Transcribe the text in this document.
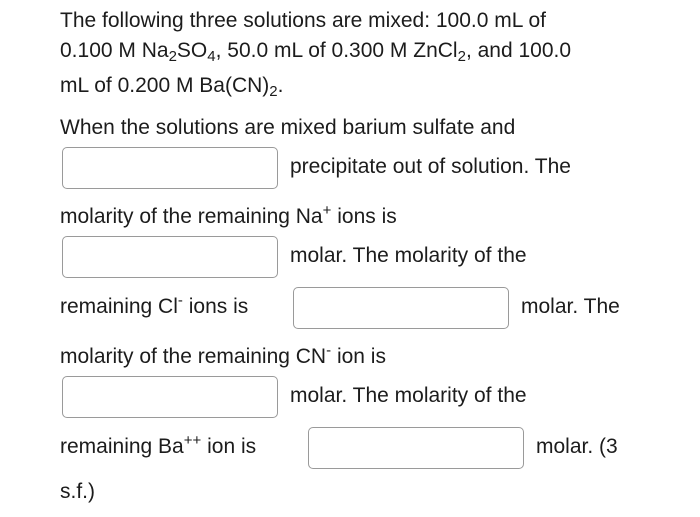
The following three solutions are mixed: 100.0 mL of
0.100 M $Na_2SO_4$, 50.0 mL of 0.300 M ZnCl$_2$, and 100.0
mL of 0.200 M $Ba(CN)_2$.
When the solutions are mixed barium sulfate and
precipitate out of solution. The
molarity of the remaining Na+ ions is
molar. The molarity of the
remaining Cl- ions is	molar. The
molarity of the remaining CN- ion is
molar. The molarity of the
remaining Ba++ ion is	molar. (3
s.f.)
